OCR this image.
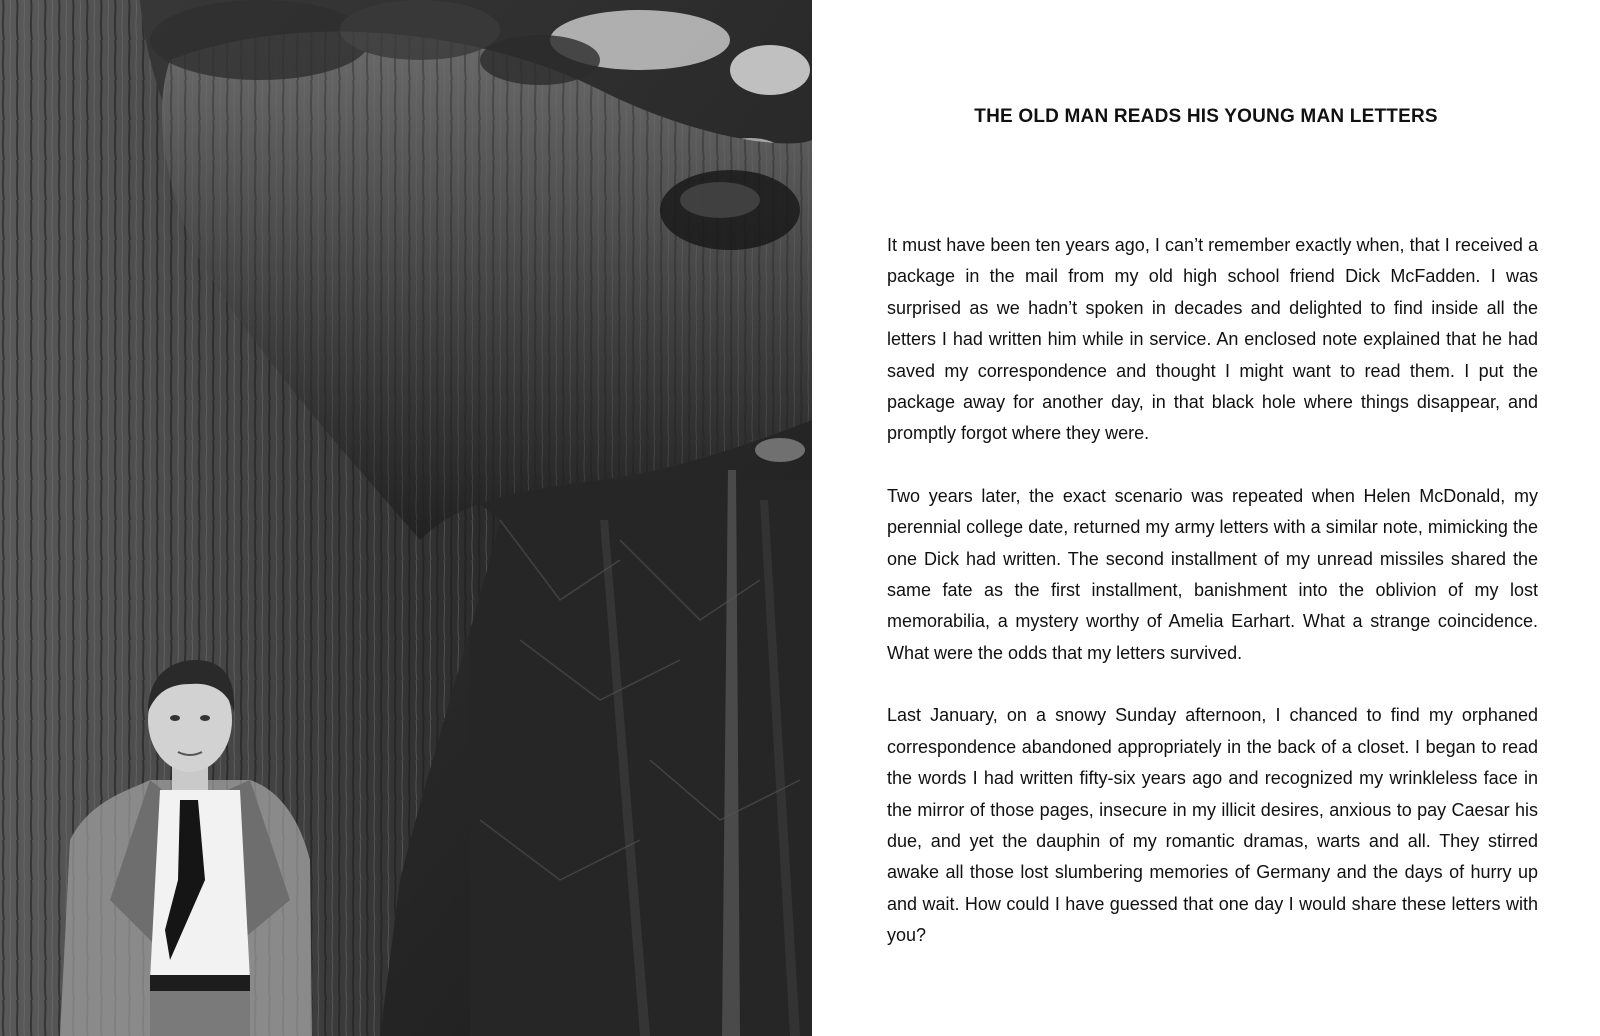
THE OLD MAN READS HIS YOUNG MAN LETTERS

It must have been ten years ago, I can’t remember exactly when, that I received a package in the mail from my old high school friend Dick McFadden. I was surprised as we hadn’t spoken in decades and delighted to find inside all the letters I had written him while in service. An enclosed note explained that he had saved my correspondence and thought I might want to read them. I put the package away for another day, in that black hole where things disappear, and promptly forgot where they were.

Two years later, the exact scenario was repeated when Helen McDonald, my perennial college date, returned my army letters with a similar note, mimicking the one Dick had written. The second installment of my unread missiles shared the same fate as the first installment, banishment into the oblivion of my lost memorabilia, a mystery worthy of Amelia Earhart. What a strange coincidence. What were the odds that my letters survived.

Last January, on a snowy Sunday afternoon, I chanced to find my orphaned correspondence abandoned appropriately in the back of a closet. I began to read the words I had written fifty-six years ago and recognized my wrinkleless face in the mirror of those pages, insecure in my illicit desires, anxious to pay Caesar his due, and yet the dauphin of my romantic dramas, warts and all. They stirred awake all those lost slumbering memories of Germany and the days of hurry up and wait. How could I have guessed that one day I would share these letters with you?
